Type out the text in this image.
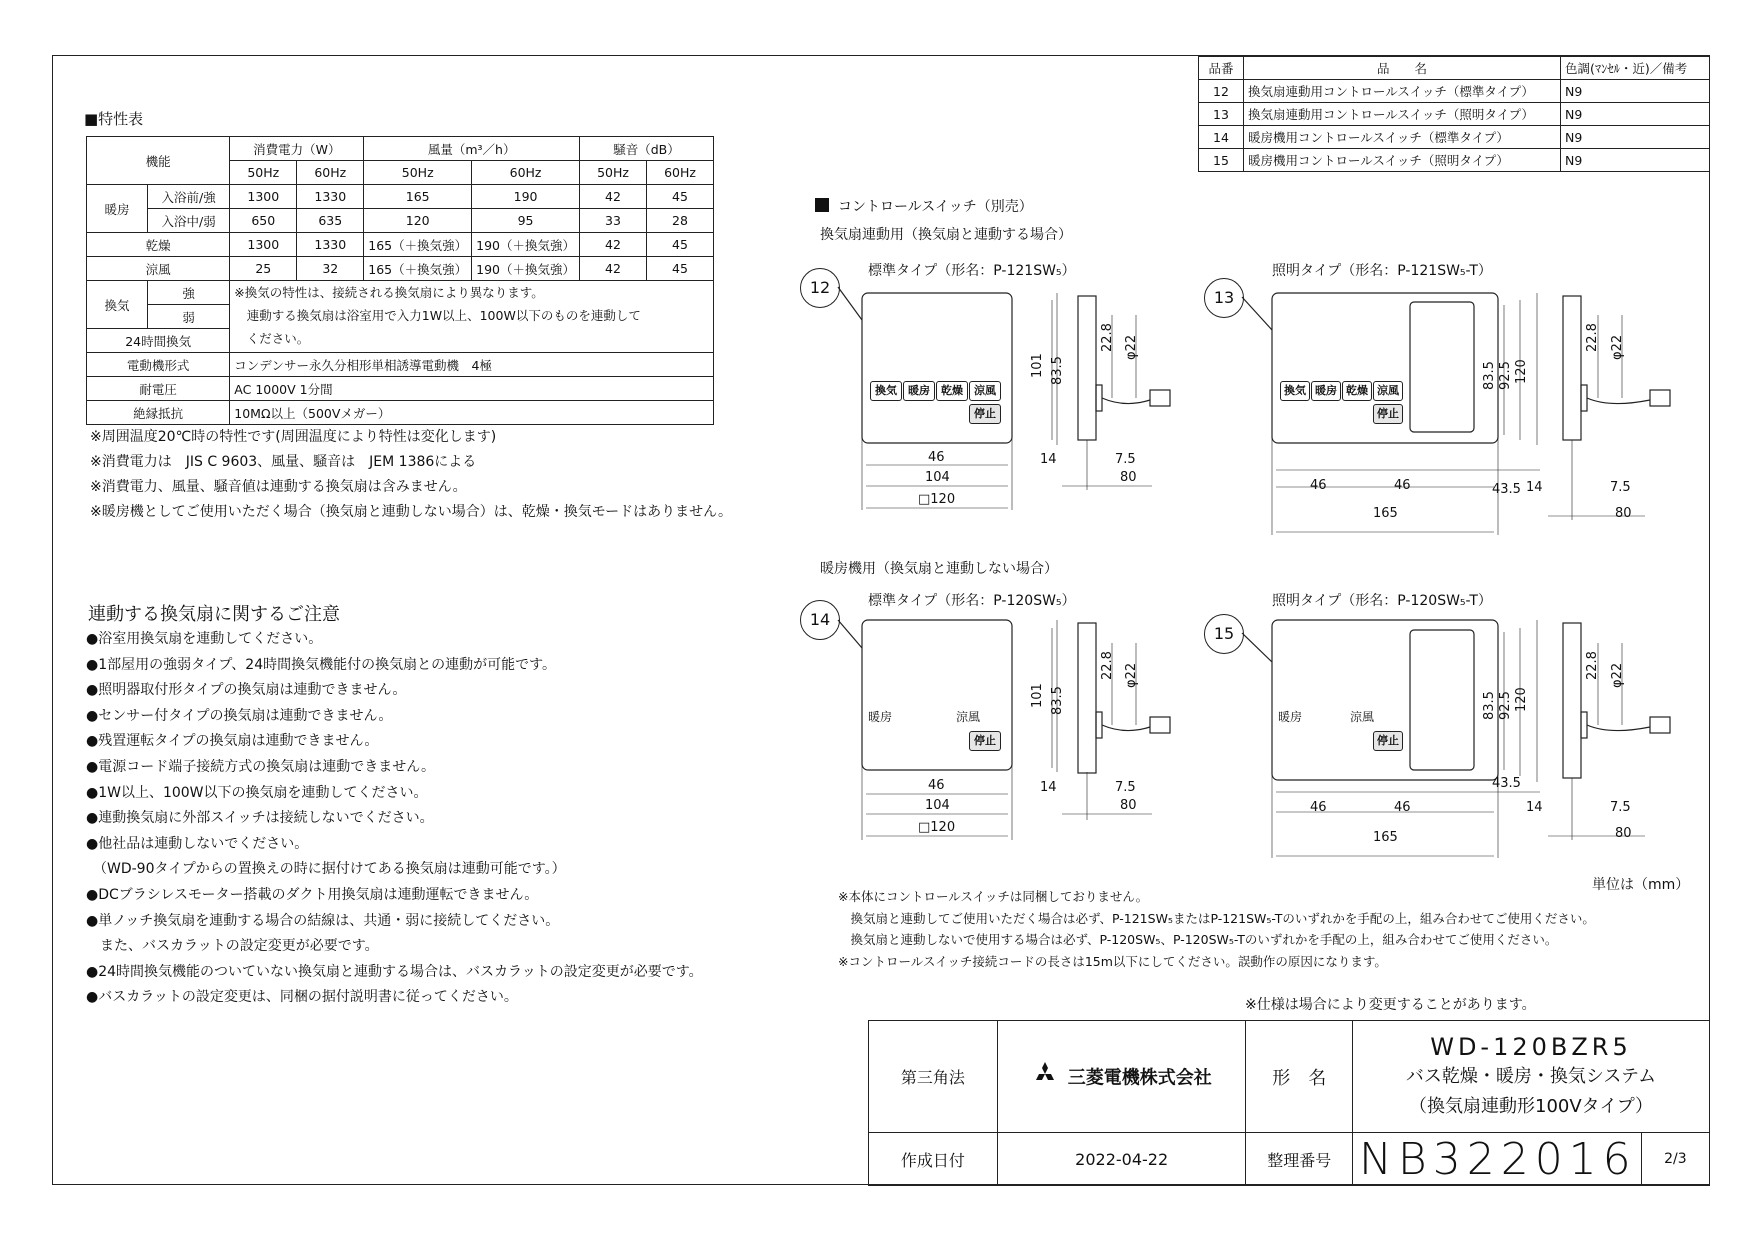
品番	品　　名	色調(ﾏﾝｾﾙ・近)／備考
12	換気扇連動用コントロールスイッチ（標準タイプ）	N9
13	換気扇連動用コントロールスイッチ（照明タイプ）	N9
14	暖房機用コントロールスイッチ（標準タイプ）	N9
15	暖房機用コントロールスイッチ（照明タイプ）	N9
■特性表
機能		消費電力（W）		風量（m³／h）		騒音（dB）	
		50Hz	60Hz	50Hz	60Hz	50Hz	60Hz
暖房	入浴前/強	1300	1330	165	190	42	45
	入浴中/弱	650	635	120	95	33	28
乾燥		1300	1330	165（＋換気強）	190（＋換気強）	42	45
涼風		25	32	165（＋換気強）	190（＋換気強）	42	45
換気	強	※換気の特性は、接続される換気扇により異なります。
　連動する換気扇は浴室用で入力1W以上、100W以下のものを連動して
　ください。					

	弱						
24時間換気							
電動機形式		コンデンサー永久分相形単相誘導電動機　4極					
耐電圧		AC 1000V 1分間					
絶縁抵抗		10MΩ以上（500Vメガー）					
※周囲温度20℃時の特性です(周囲温度により特性は変化します)
※消費電力は　JIS C 9603、風量、騒音は　JEM 1386による
※消費電力、風量、騒音値は連動する換気扇は含みません。
※暖房機としてご使用いただく場合（換気扇と連動しない場合）は、乾燥・換気モードはありません。
連動する換気扇に関するご注意
●浴室用換気扇を連動してください。
●1部屋用の強弱タイプ、24時間換気機能付の換気扇との連動が可能です。
●照明器取付形タイプの換気扇は連動できません。
●センサー付タイプの換気扇は連動できません。
●残置運転タイプの換気扇は連動できません。
●電源コード端子接続方式の換気扇は連動できません。
●1W以上、100W以下の換気扇を連動してください。
●連動換気扇に外部スイッチは接続しないでください。
●他社品は連動しないでください。
　（WD-90タイプからの置換えの時に据付けてある換気扇は連動可能です。）
●DCブラシレスモーター搭載のダクト用換気扇は連動運転できません。
●単ノッチ換気扇を連動する場合の結線は、共通・弱に接続してください。
　また、バスカラットの設定変更が必要です。
●24時間換気機能のついていない換気扇と連動する場合は、バスカラットの設定変更が必要です。
●バスカラットの設定変更は、同梱の据付説明書に従ってください。
コントロールスイッチ（別売）
換気扇連動用（換気扇と連動する場合）
暖房機用（換気扇と連動しない場合）
標準タイプ（形名：P-121SW₅）	照明タイプ（形名：P-121SW₅-T）
標準タイプ（形名：P-120SW₅）	照明タイプ（形名：P-120SW₅-T）
12
13
14
15
換気	暖房	乾燥	涼風
停止
換気 暖房 乾燥 涼風
停止
暖房	涼風
停止
暖房	涼風
停止
46
104
□120
14	7.5
80
83.5
101
22.8 φ22
46	46
165
43.5 14	7.5
80
83.5 92.5 120
22.8 φ22
46
104
□120
14	7.5
80
83.5
101
22.8 φ22
46	46
165
43.5
14	7.5
80
83.5 92.5 120
22.8 φ22
単位は（mm）
※本体にコントロールスイッチは同梱しておりません。
　換気扇と連動してご使用いただく場合は必ず、P-121SW₅またはP-121SW₅-Tのいずれかを手配の上，組み合わせてご使用ください。
　換気扇と連動しないで使用する場合は必ず、P-120SW₅、P-120SW₅-Tのいずれかを手配の上，組み合わせてご使用ください。
※コントロールスイッチ接続コードの長さは15m以下にしてください。誤動作の原因になります。
※仕様は場合により変更することがあります。
第三角法	三菱電機株式会社	形　名	WD-120BZR5
バス乾燥・暖房・換気システム
（換気扇連動形100Vタイプ）	

作成日付	2022-04-22	整理番号	NB322016	2/3
